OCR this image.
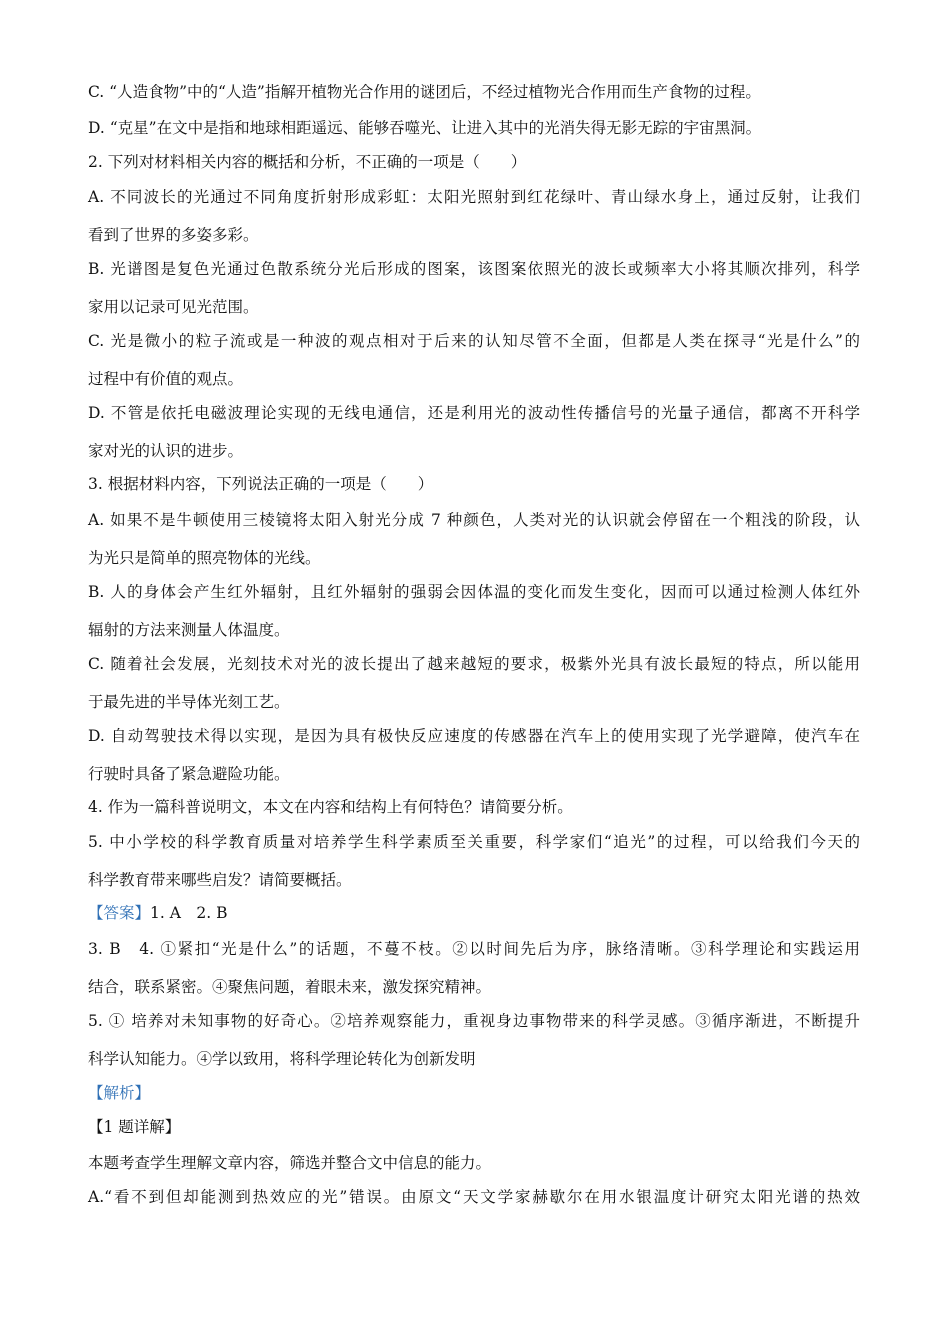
C. “人造食物”中的“人造”指解开植物光合作用的谜团后，不经过植物光合作用而生产食物的过程。
D. “克星”在文中是指和地球相距遥远、能够吞噬光、让进入其中的光消失得无影无踪的宇宙黑洞。
2. 下列对材料相关内容的概括和分析，不正确的一项是（　　）
A. 不同波长的光通过不同角度折射形成彩虹：太阳光照射到红花绿叶、青山绿水身上，通过反射，让我们
看到了世界的多姿多彩。
B. 光谱图是复色光通过色散系统分光后形成的图案，该图案依照光的波长或频率大小将其顺次排列，科学
家用以记录可见光范围。
C. 光是微小的粒子流或是一种波的观点相对于后来的认知尽管不全面，但都是人类在探寻“光是什么”的
过程中有价值的观点。
D. 不管是依托电磁波理论实现的无线电通信，还是利用光的波动性传播信号的光量子通信，都离不开科学
家对光的认识的进步。
3. 根据材料内容，下列说法正确的一项是（　　）
A. 如果不是牛顿使用三棱镜将太阳入射光分成 7 种颜色，人类对光的认识就会停留在一个粗浅的阶段，认
为光只是简单的照亮物体的光线。
B. 人的身体会产生红外辐射，且红外辐射的强弱会因体温的变化而发生变化，因而可以通过检测人体红外
辐射的方法来测量人体温度。
C. 随着社会发展，光刻技术对光的波长提出了越来越短的要求，极紫外光具有波长最短的特点，所以能用
于最先进的半导体光刻工艺。
D. 自动驾驶技术得以实现，是因为具有极快反应速度的传感器在汽车上的使用实现了光学避障，使汽车在
行驶时具备了紧急避险功能。
4. 作为一篇科普说明文，本文在内容和结构上有何特色？请简要分析。
5. 中小学校的科学教育质量对培养学生科学素质至关重要，科学家们“追光”的过程，可以给我们今天的
科学教育带来哪些启发？请简要概括。
【答案】1. A　2. B
3. B　4. ①紧扣“光是什么”的话题，不蔓不枝。②以时间先后为序，脉络清晰。③科学理论和实践运用
结合，联系紧密。④聚焦问题，着眼未来，激发探究精神。
5. ① 培养对未知事物的好奇心。②培养观察能力，重视身边事物带来的科学灵感。③循序渐进，不断提升
科学认知能力。④学以致用，将科学理论转化为创新发明
【解析】
【1 题详解】
本题考查学生理解文章内容，筛选并整合文中信息的能力。
A.“看不到但却能测到热效应的光”错误。由原文“天文学家赫歇尔在用水银温度计研究太阳光谱的热效
